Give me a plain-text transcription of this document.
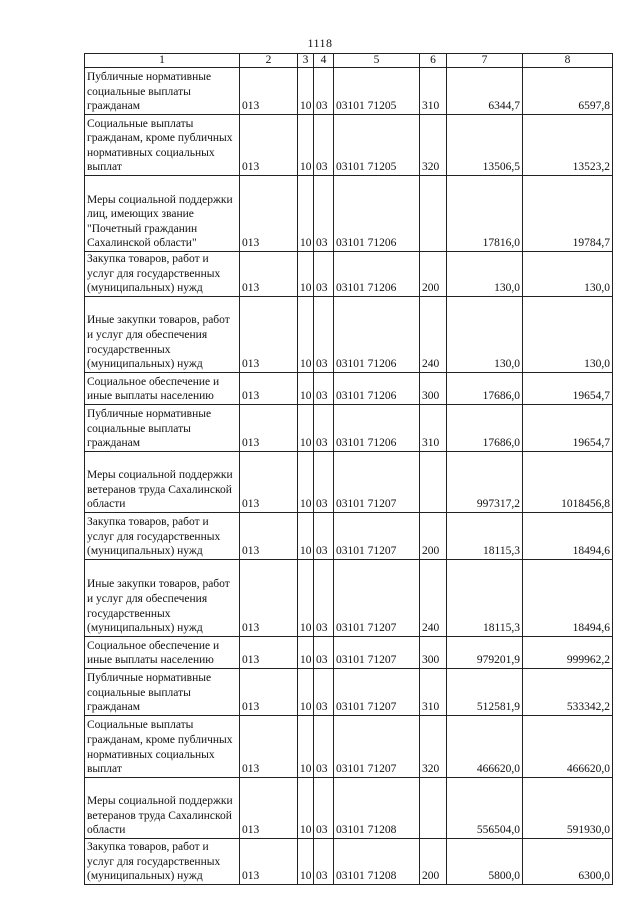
1118
1	2	3	4	5	6	7	8
Публичные нормативные социальные выплаты гражданам	013	10	03	03101 71205	310	6344,7	6597,8
Социальные выплаты гражданам, кроме публичных нормативных социальных выплат	013	10	03	03101 71205	320	13506,5	13523,2
Меры социальной поддержки лиц, имеющих звание "Почетный гражданин Сахалинской области"	013	10	03	03101 71206		17816,0	19784,7
Закупка товаров, работ и услуг для государственных (муниципальных) нужд	013	10	03	03101 71206	200	130,0	130,0
Иные закупки товаров, работ и услуг для обеспечения государственных (муниципальных) нужд	013	10	03	03101 71206	240	130,0	130,0
Социальное обеспечение и иные выплаты населению	013	10	03	03101 71206	300	17686,0	19654,7
Публичные нормативные социальные выплаты гражданам	013	10	03	03101 71206	310	17686,0	19654,7
Меры социальной поддержки ветеранов труда Сахалинской области	013	10	03	03101 71207		997317,2	1018456,8
Закупка товаров, работ и услуг для государственных (муниципальных) нужд	013	10	03	03101 71207	200	18115,3	18494,6
Иные закупки товаров, работ и услуг для обеспечения государственных (муниципальных) нужд	013	10	03	03101 71207	240	18115,3	18494,6
Социальное обеспечение и иные выплаты населению	013	10	03	03101 71207	300	979201,9	999962,2
Публичные нормативные социальные выплаты гражданам	013	10	03	03101 71207	310	512581,9	533342,2
Социальные выплаты гражданам, кроме публичных нормативных социальных выплат	013	10	03	03101 71207	320	466620,0	466620,0
Меры социальной поддержки ветеранов труда Сахалинской области	013	10	03	03101 71208		556504,0	591930,0
Закупка товаров, работ и услуг для государственных (муниципальных) нужд	013	10	03	03101 71208	200	5800,0	6300,0
